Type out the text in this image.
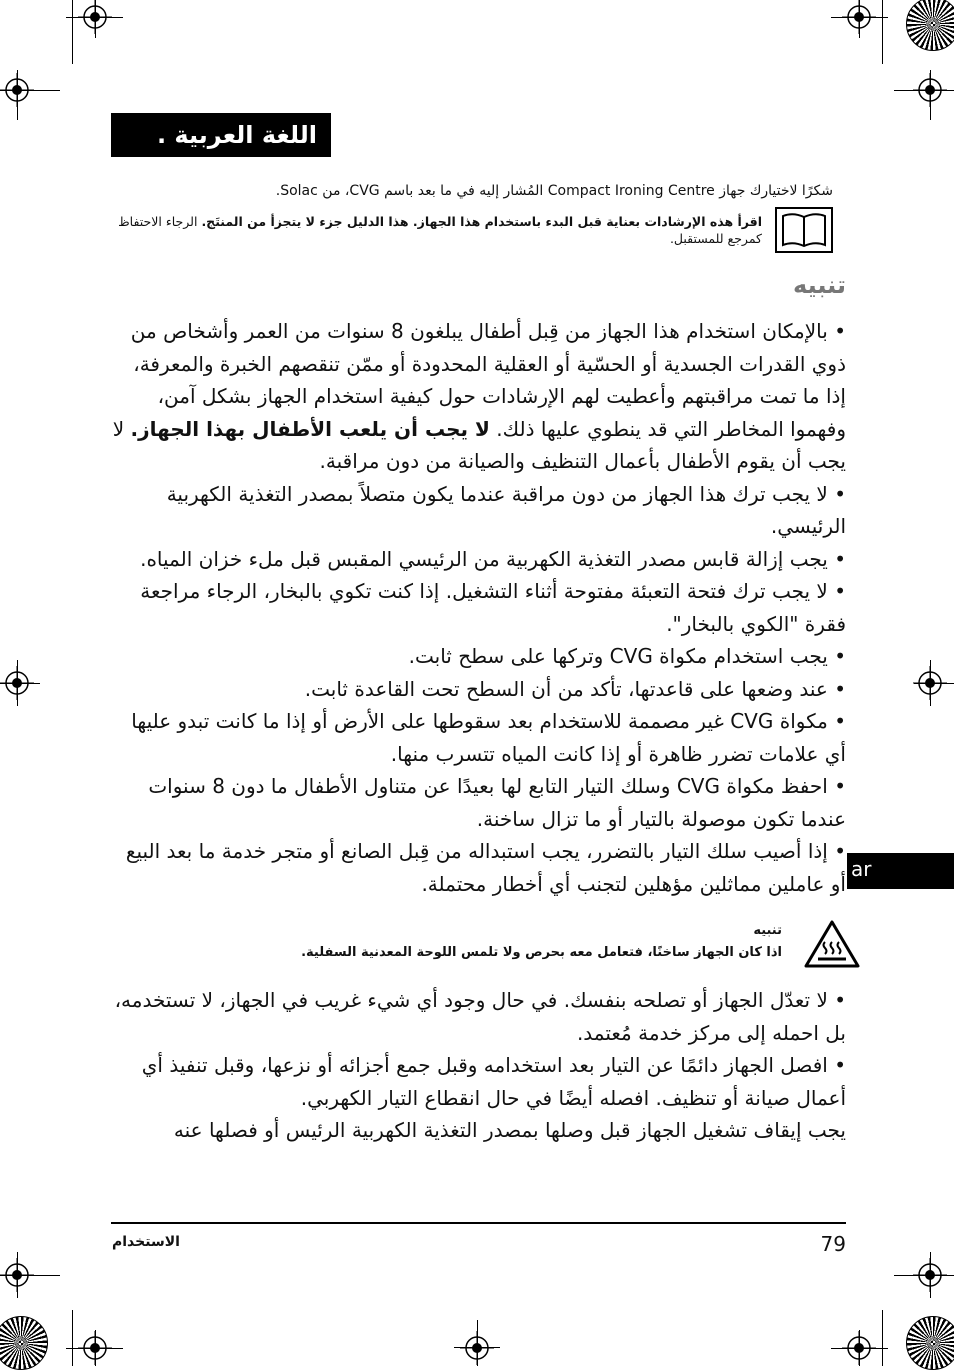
اللغة العربية .
شكرًا لاختيارك جهاز Compact Ironing Centre المُشار إليه في ما بعد باسم CVG، من Solac.
اقرأ هذه الإرشادات بعناية قبل البدء باستخدام هذا الجهاز. هذا الدليل جزء لا يتجزأ من المنتَج. الرجاء الاحتفاظ كمرجع للمستقبل.
تنبيه

• بالإمكان استخدام هذا الجهاز من قِبل أطفال يبلغون 8 سنوات من العمر وأشخاص من ذوي القدرات الجسدية أو الحسّية أو العقلية المحدودة أو ممّن تنقصهم الخبرة والمعرفة، إذا ما تمت مراقبتهم وأعطيت لهم الإرشادات حول كيفية استخدام الجهاز بشكل آمن، وفهموا المخاطر التي قد ينطوي عليها ذلك. لا يجب أن يلعب الأطفال بهذا الجهاز. لا يجب أن يقوم الأطفال بأعمال التنظيف والصيانة من دون مراقبة.

• لا يجب ترك هذا الجهاز من دون مراقبة عندما يكون متصلاً بمصدر التغذية الكهربية الرئيسي.

• يجب إزالة قابس مصدر التغذية الكهربية من الرئيسي المقبس قبل ملء خزان المياه.

• لا يجب ترك فتحة التعبئة مفتوحة أثناء التشغيل. إذا كنت تكوي بالبخار، الرجاء مراجعة فقرة "الكوي بالبخار".

• يجب استخدام مكواة CVG وتركها على سطح ثابت.

• عند وضعها على قاعدتها، تأكد من أن السطح تحت القاعدة ثابت.

• مكواة CVG غير مصممة للاستخدام بعد سقوطها على الأرض أو إذا ما كانت تبدو عليها أي علامات تضرر ظاهرة أو إذا كانت المياه تتسرب منها.

• احفظ مكواة CVG وسلك التيار التابع لها بعيدًا عن متناول الأطفال ما دون 8 سنوات عندما تكون موصولة بالتيار أو ما تزال ساخنة.

• إذا أصيب سلك التيار بالتضرر، يجب استبداله من قِبل الصانع أو متجر خدمة ما بعد البيع أو عاملين مماثلين مؤهلين لتجنب أي أخطار محتملة.

ar
تنبيه
اذا كان الجهاز ساخنًا، فتعامل معه بحرص ولا تلمس اللوحة المعدنية السفلية.

• لا تعدّل الجهاز أو تصلحه بنفسك. في حال وجود أي شيء غريب في الجهاز، لا تستخدمه، بل احمله إلى مركز خدمة مُعتمد.

• افصل الجهاز دائمًا عن التيار بعد استخدامه وقبل جمع أجزائه أو نزعها، وقبل تنفيذ أي أعمال صيانة أو تنظيف. افصله أيضًا في حال انقطاع التيار الكهربي.

يجب إيقاف تشغيل الجهاز قبل وصلها بمصدر التغذية الكهربية الرئيس أو فصلها عنه

الاستخدام	79
